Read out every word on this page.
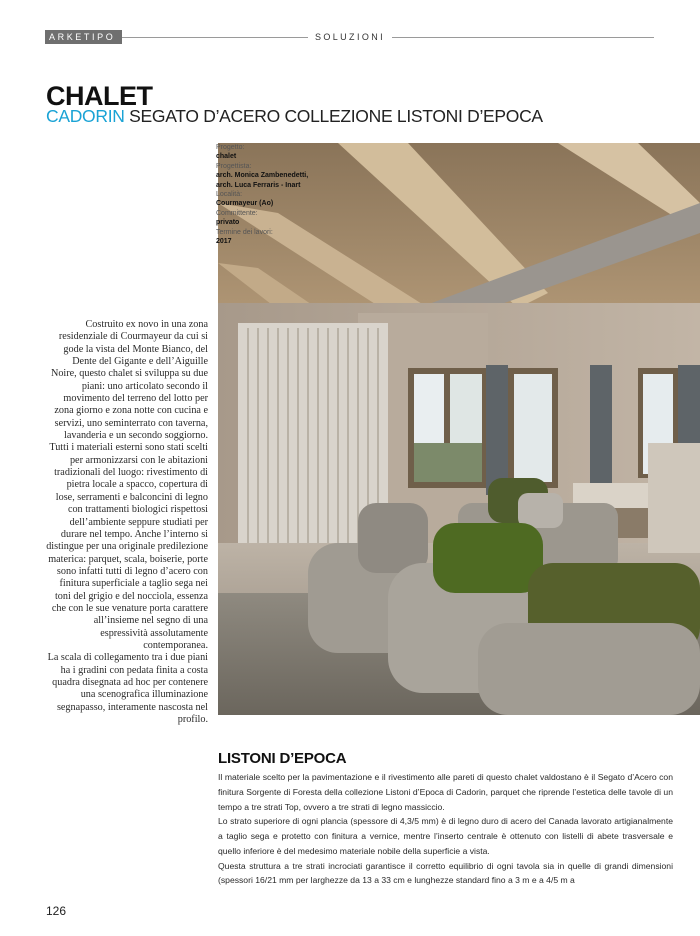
ARKETIPO	SOLUZIONI
CHALET
CADORIN SEGATO D’ACERO COLLEZIONE LISTONI D’EPOCA
Progetto:
chalet
Progettista:
arch. Monica Zambenedetti, arch. Luca Ferraris - Inart
Località:
Courmayeur (Ao)
Committente:
privato
Termine dei lavori:
2017

Costruito ex novo in una zona residenziale di Courmayeur da cui si gode la vista del Monte Bianco, del Dente del Gigante e dell’Aiguille Noire, questo chalet si sviluppa su due piani: uno articolato secondo il movimento del terreno del lotto per zona giorno e zona notte con cucina e servizi, uno seminterrato con taverna, lavanderia e un secondo soggiorno.

Tutti i materiali esterni sono stati scelti per armonizzarsi con le abitazioni tradizionali del luogo: rivestimento di pietra locale a spacco, copertura di lose, serramenti e balconcini di legno con trattamenti biologici rispettosi dell’ambiente seppure studiati per durare nel tempo. Anche l’interno si distingue per una originale predilezione materica: parquet, scala, boiserie, porte sono infatti tutti di legno d’acero con finitura superficiale a taglio sega nei toni del grigio e del nocciola, essenza che con le sue venature porta carattere all’insieme nel segno di una espressività assolutamente contemporanea.

La scala di collegamento tra i due piani ha i gradini con pedata finita a costa quadra disegnata ad hoc per contenere una scenografica illuminazione segnapasso, interamente nascosta nel profilo.

LISTONI D’EPOCA

Il materiale scelto per la pavimentazione e il rivestimento alle pareti di questo chalet valdostano è il Segato d’Acero con finitura Sorgente di Foresta della collezione Listoni d’Epoca di Cadorin, parquet che riprende l’estetica delle tavole di un tempo a tre strati Top, ovvero a tre strati di legno massiccio.

Lo strato superiore di ogni plancia (spessore di 4,3/5 mm) è di legno duro di acero del Canada lavorato artigianalmente a taglio sega e protetto con finitura a vernice, mentre l’inserto centrale è ottenuto con listelli di abete trasversale e quello inferiore è del medesimo materiale nobile della superficie a vista.

Questa struttura a tre strati incrociati garantisce il corretto equilibrio di ogni tavola sia in quelle di grandi dimensioni (spessori 16/21 mm per larghezze da 13 a 33 cm e lunghezze standard fino a 3 m e a 4/5 m a

126
